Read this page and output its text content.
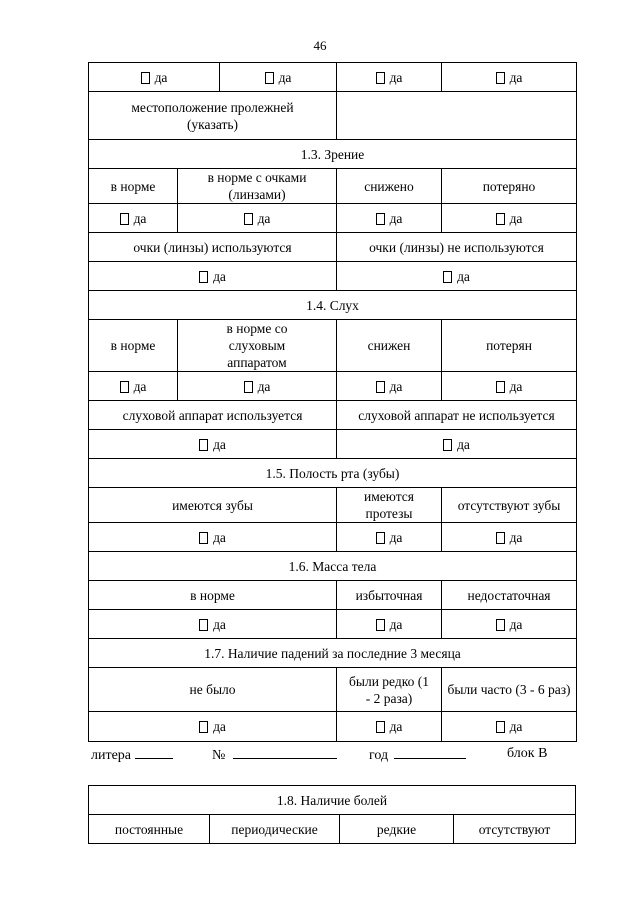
46
да		да	да	да
местоположение пролежней (указать)				
1.3. Зрение				
в норме	в норме с очками (линзами)		снижено	потеряно
да	да		да	да
очки (линзы) используются			очки (линзы) не используются	
да			да	
1.4. Слух				
в норме	в норме со слуховым аппаратом		снижен	потерян
да	да		да	да
слуховой аппарат используется			слуховой аппарат не используется	
да			да	
1.5. Полость рта (зубы)				
имеются зубы			имеются протезы	отсутствуют зубы
да			да	да
1.6. Масса тела				
в норме			избыточная	недостаточная
да			да	да
1.7. Наличие падений за последние 3 месяца				
не было			были редко (1 - 2 раза)	были часто (3 - 6 раз)
да			да	да
литера	№	год	блок В
1.8. Наличие болей
постоянные	периодические	редкие	отсутствуют
